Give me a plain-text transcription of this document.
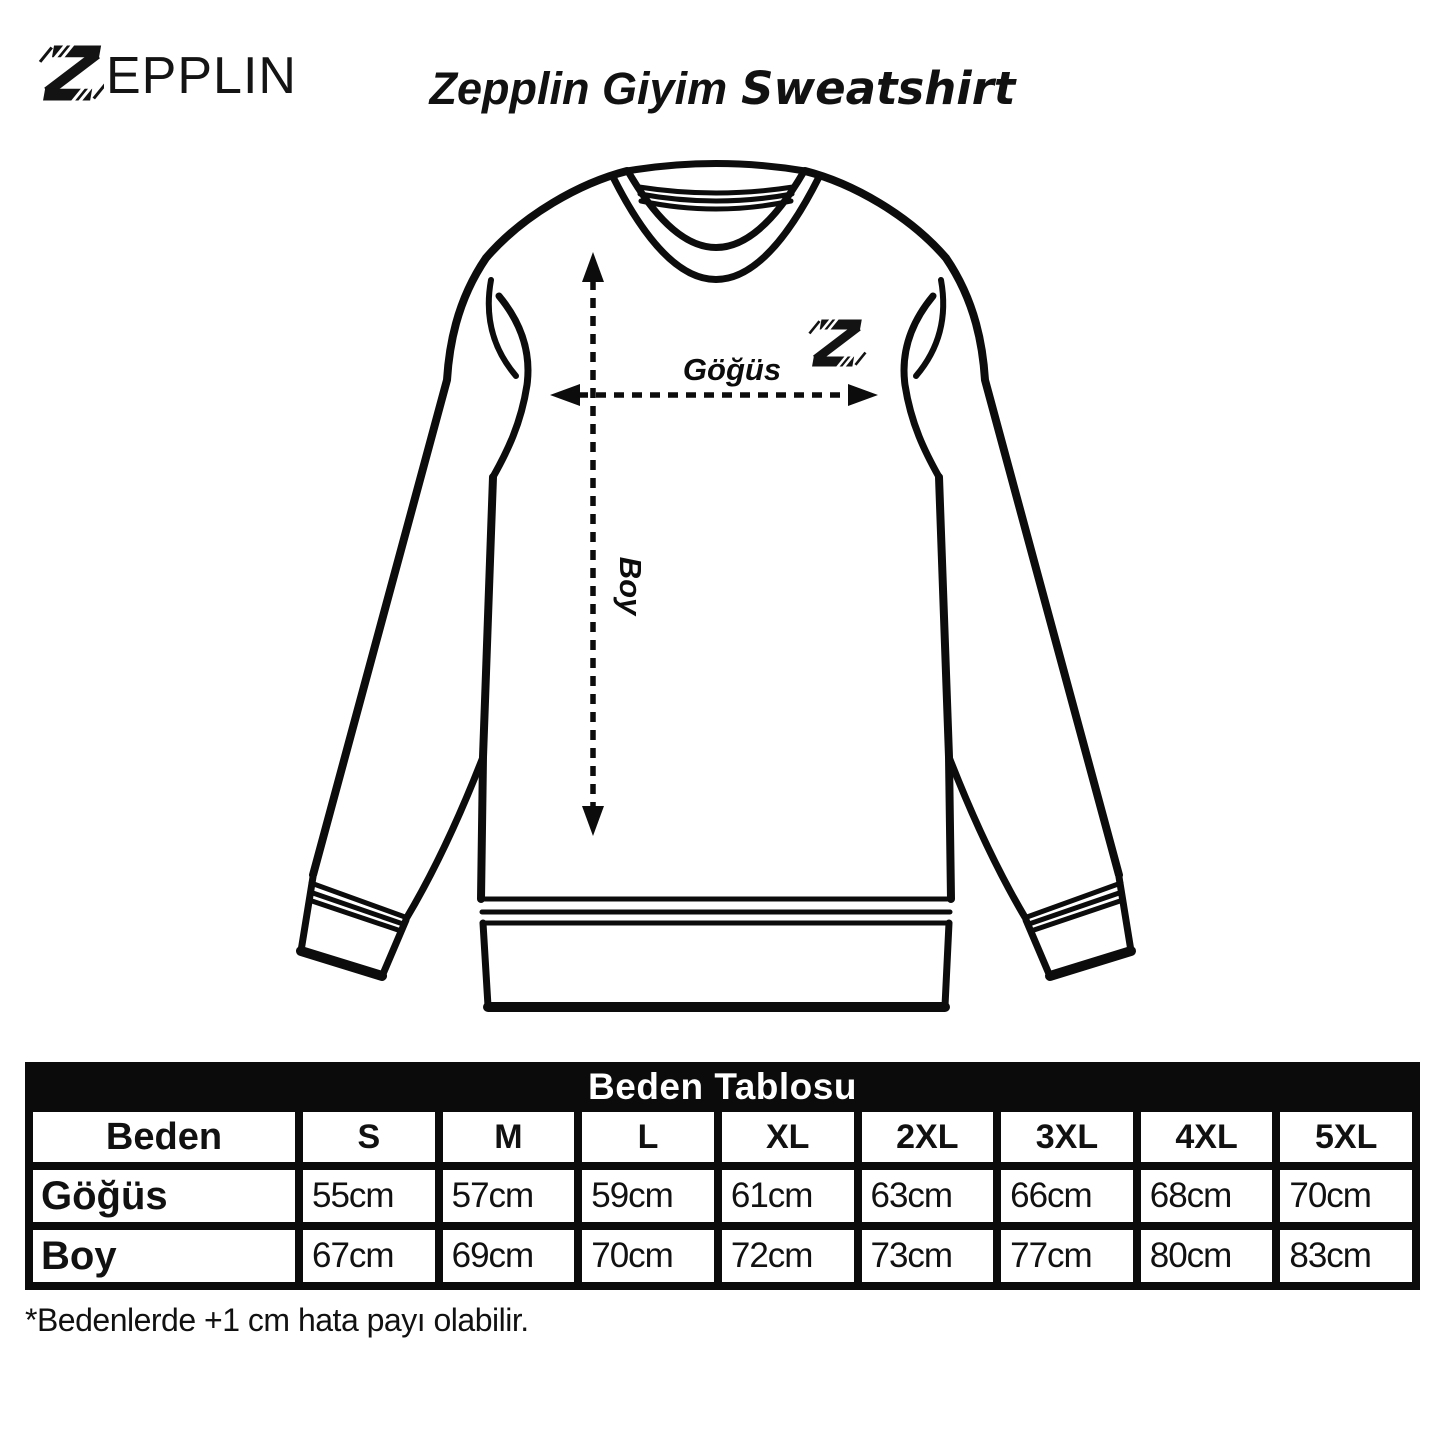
EPPLIN	Zepplin Giyim Sweatshirt
Göğüs
Boy
Beden Tablosu
Beden	S	M	L	XL	2XL	3XL	4XL	5XL
Göğüs	55cm	57cm	59cm	61cm	63cm	66cm	68cm	70cm
Boy	67cm	69cm	70cm	72cm	73cm	77cm	80cm	83cm
*Bedenlerde +1 cm hata payı olabilir.
